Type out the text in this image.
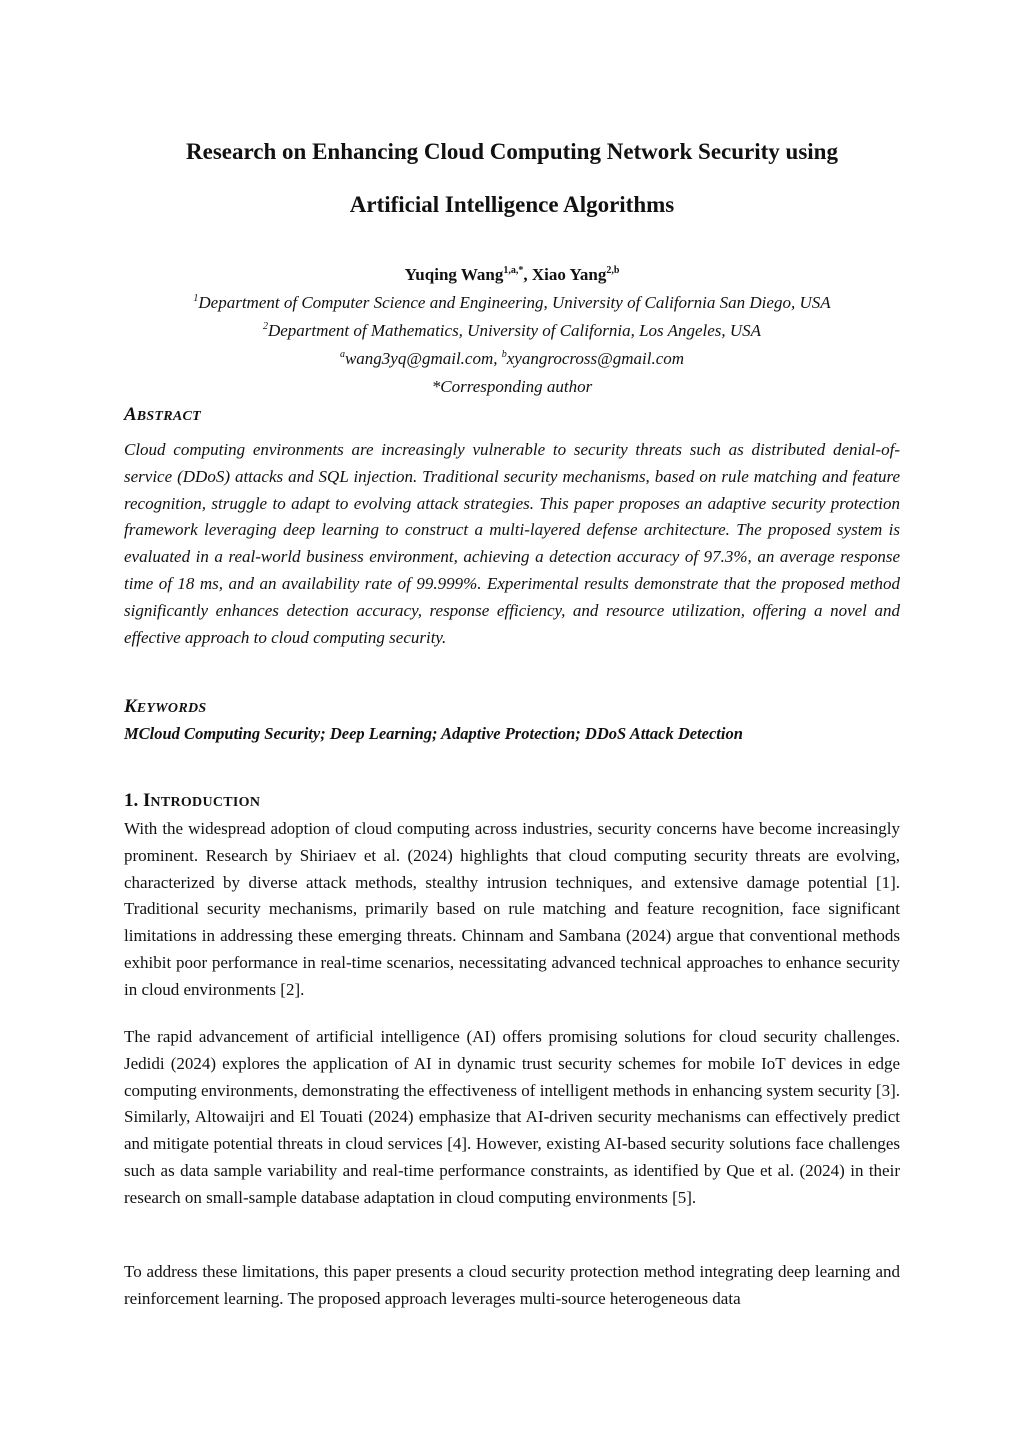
Research on Enhancing Cloud Computing Network Security using
Artificial Intelligence Algorithms
Yuqing Wang$^{1,a,*}$, Xiao Yang$^{2,b}$
$^1$Department of Computer Science and Engineering, University of California San Diego, USA
$^2$Department of Mathematics, University of California, Los Angeles, USA
$^a$wang3yq@gmail.com, $^b$xyangrocross@gmail.com
*Corresponding author
ABSTRACT

Cloud computing environments are increasingly vulnerable to security threats such as distributed denial-of-service (DDoS) attacks and SQL injection. Traditional security mechanisms, based on rule matching and feature recognition, struggle to adapt to evolving attack strategies. This paper proposes an adaptive security protection framework leveraging deep learning to construct a multi-layered defense architecture. The proposed system is evaluated in a real-world business environment, achieving a detection accuracy of 97.3%, an average response time of 18 ms, and an availability rate of 99.999%. Experimental results demonstrate that the proposed method significantly enhances detection accuracy, response efficiency, and resource utilization, offering a novel and effective approach to cloud computing security.

KEYWORDS

MCloud Computing Security; Deep Learning; Adaptive Protection; DDoS Attack Detection

1. INTRODUCTION

With the widespread adoption of cloud computing across industries, security concerns have become increasingly prominent. Research by Shiriaev et al. (2024) highlights that cloud computing security threats are evolving, characterized by diverse attack methods, stealthy intrusion techniques, and extensive damage potential [1]. Traditional security mechanisms, primarily based on rule matching and feature recognition, face significant limitations in addressing these emerging threats. Chinnam and Sambana (2024) argue that conventional methods exhibit poor performance in real-time scenarios, necessitating advanced technical approaches to enhance security in cloud environments [2].

The rapid advancement of artificial intelligence (AI) offers promising solutions for cloud security challenges. Jedidi (2024) explores the application of AI in dynamic trust security schemes for mobile IoT devices in edge computing environments, demonstrating the effectiveness of intelligent methods in enhancing system security [3]. Similarly, Altowaijri and El Touati (2024) emphasize that AI-driven security mechanisms can effectively predict and mitigate potential threats in cloud services [4]. However, existing AI-based security solutions face challenges such as data sample variability and real-time performance constraints, as identified by Que et al. (2024) in their research on small-sample database adaptation in cloud computing environments [5].

To address these limitations, this paper presents a cloud security protection method integrating deep learning and reinforcement learning. The proposed approach leverages multi-source heterogeneous data
